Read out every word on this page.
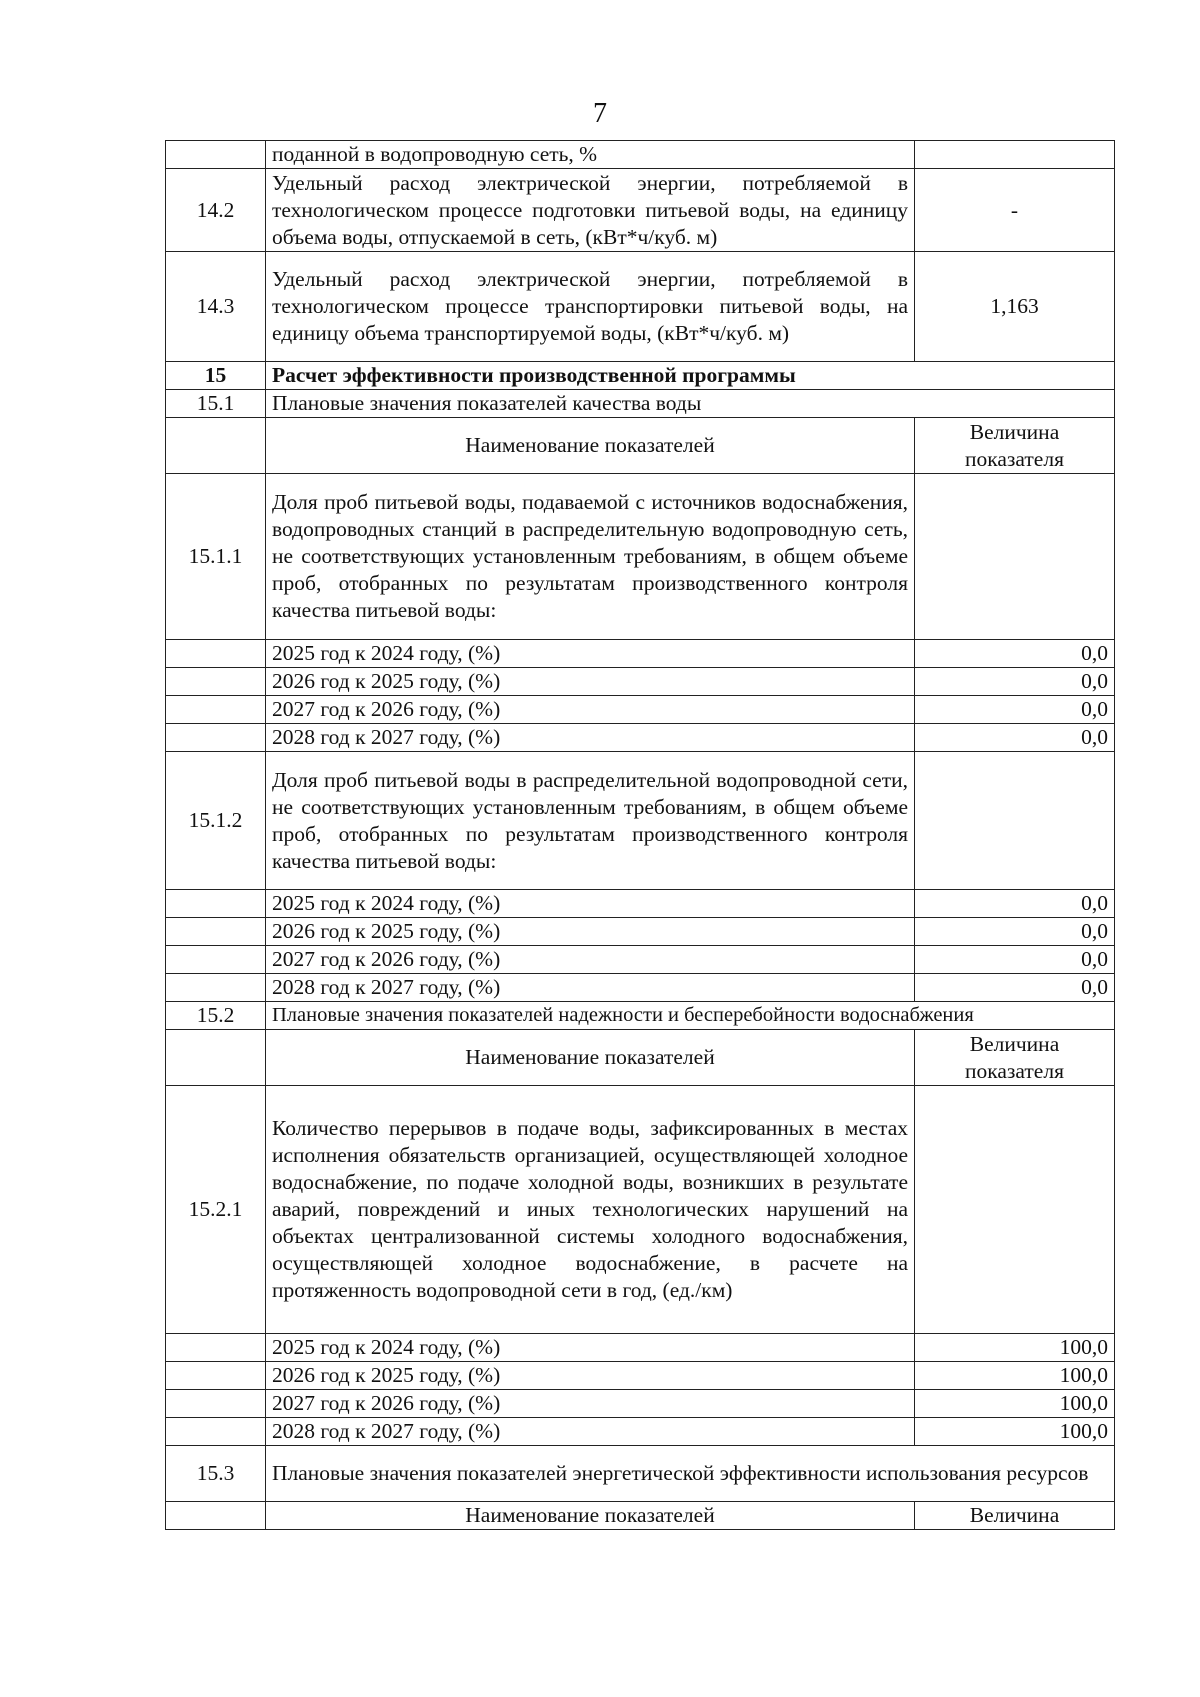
7
	поданной в водопроводную сеть, %	
14.2	Удельный расход электрической энергии, потребляемой в технологическом процессе подготовки питьевой воды, на единицу объема воды, отпускаемой в сеть, (кВт*ч/куб. м)	-
14.3	Удельный расход электрической энергии, потребляемой в технологическом процессе транспортировки питьевой воды, на единицу объема транспортируемой воды, (кВт*ч/куб. м)	1,163
15	Расчет эффективности производственной программы	
15.1	Плановые значения показателей качества воды	
	Наименование показателей	Величина показателя
15.1.1	Доля проб питьевой воды, подаваемой с источников водоснабжения, водопроводных станций в распределительную водопроводную сеть, не соответствующих установленным требованиям, в общем объеме проб, отобранных по результатам производственного контроля качества питьевой воды:	
	2025 год к 2024 году, (%)	0,0
	2026 год к 2025 году, (%)	0,0
	2027 год к 2026 году, (%)	0,0
	2028 год к 2027 году, (%)	0,0
15.1.2	Доля проб питьевой воды в распределительной водопроводной сети, не соответствующих установленным требованиям, в общем объеме проб, отобранных по результатам производственного контроля качества питьевой воды:	
	2025 год к 2024 году, (%)	0,0
	2026 год к 2025 году, (%)	0,0
	2027 год к 2026 году, (%)	0,0
	2028 год к 2027 году, (%)	0,0
15.2	Плановые значения показателей надежности и бесперебойности водоснабжения	
	Наименование показателей	Величина показателя
15.2.1	Количество перерывов в подаче воды, зафиксированных в местах исполнения обязательств организацией, осуществляющей холодное водоснабжение, по подаче холодной воды, возникших в результате аварий, повреждений и иных технологических нарушений на объектах централизованной системы холодного водоснабжения, осуществляющей холодное водоснабжение, в расчете на протяженность водопроводной сети в год, (ед./км)	
	2025 год к 2024 году, (%)	100,0
	2026 год к 2025 году, (%)	100,0
	2027 год к 2026 году, (%)	100,0
	2028 год к 2027 году, (%)	100,0
15.3	Плановые значения показателей энергетической эффективности использования ресурсов	
	Наименование показателей	Величина
